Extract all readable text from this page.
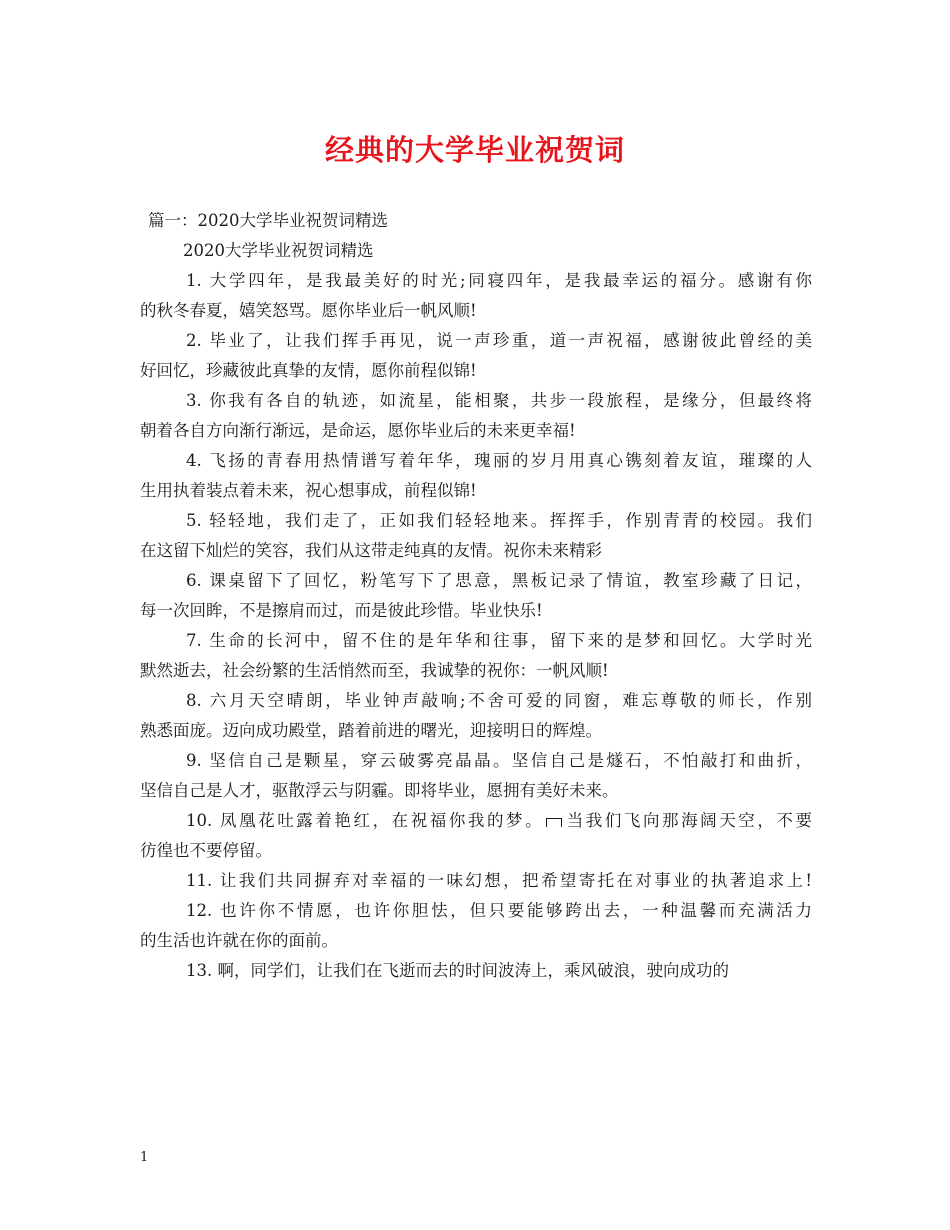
经典的大学毕业祝贺词
篇一：2020大学毕业祝贺词精选
2020大学毕业祝贺词精选
1. 大学四年，是我最美好的时光;同寝四年，是我最幸运的福分。感谢有你
的秋冬春夏，嬉笑怒骂。愿你毕业后一帆风顺!
2. 毕业了，让我们挥手再见，说一声珍重，道一声祝福，感谢彼此曾经的美
好回忆，珍藏彼此真挚的友情，愿你前程似锦!
3. 你我有各自的轨迹，如流星，能相聚，共步一段旅程，是缘分，但最终将
朝着各自方向渐行渐远，是命运，愿你毕业后的未来更幸福!
4. 飞扬的青春用热情谱写着年华，瑰丽的岁月用真心镌刻着友谊，璀璨的人
生用执着装点着未来，祝心想事成，前程似锦!
5. 轻轻地，我们走了，正如我们轻轻地来。挥挥手，作别青青的校园。我们
在这留下灿烂的笑容，我们从这带走纯真的友情。祝你未来精彩
6. 课桌留下了回忆，粉笔写下了思意，黑板记录了情谊，教室珍藏了日记，
每一次回眸，不是擦肩而过，而是彼此珍惜。毕业快乐!
7. 生命的长河中，留不住的是年华和往事，留下来的是梦和回忆。大学时光
默然逝去，社会纷繁的生活悄然而至，我诚挚的祝你：一帆风顺!
8. 六月天空晴朗，毕业钟声敲响;不舍可爱的同窗，难忘尊敬的师长，作别
熟悉面庞。迈向成功殿堂，踏着前进的曙光，迎接明日的辉煌。
9. 坚信自己是颗星，穿云破雾亮晶晶。坚信自己是燧石，不怕敲打和曲折，
坚信自己是人才，驱散浮云与阴霾。即将毕业，愿拥有美好未来。
10. 凤凰花吐露着艳红，在祝福你我的梦。 当我们飞向那海阔天空，不要
彷徨也不要停留。
11. 让我们共同摒弃对幸福的一味幻想，把希望寄托在对事业的执著追求上!
12. 也许你不情愿，也许你胆怯，但只要能够跨出去，一种温馨而充满活力
的生活也许就在你的面前。
13. 啊，同学们，让我们在飞逝而去的时间波涛上，乘风破浪，驶向成功的
1
